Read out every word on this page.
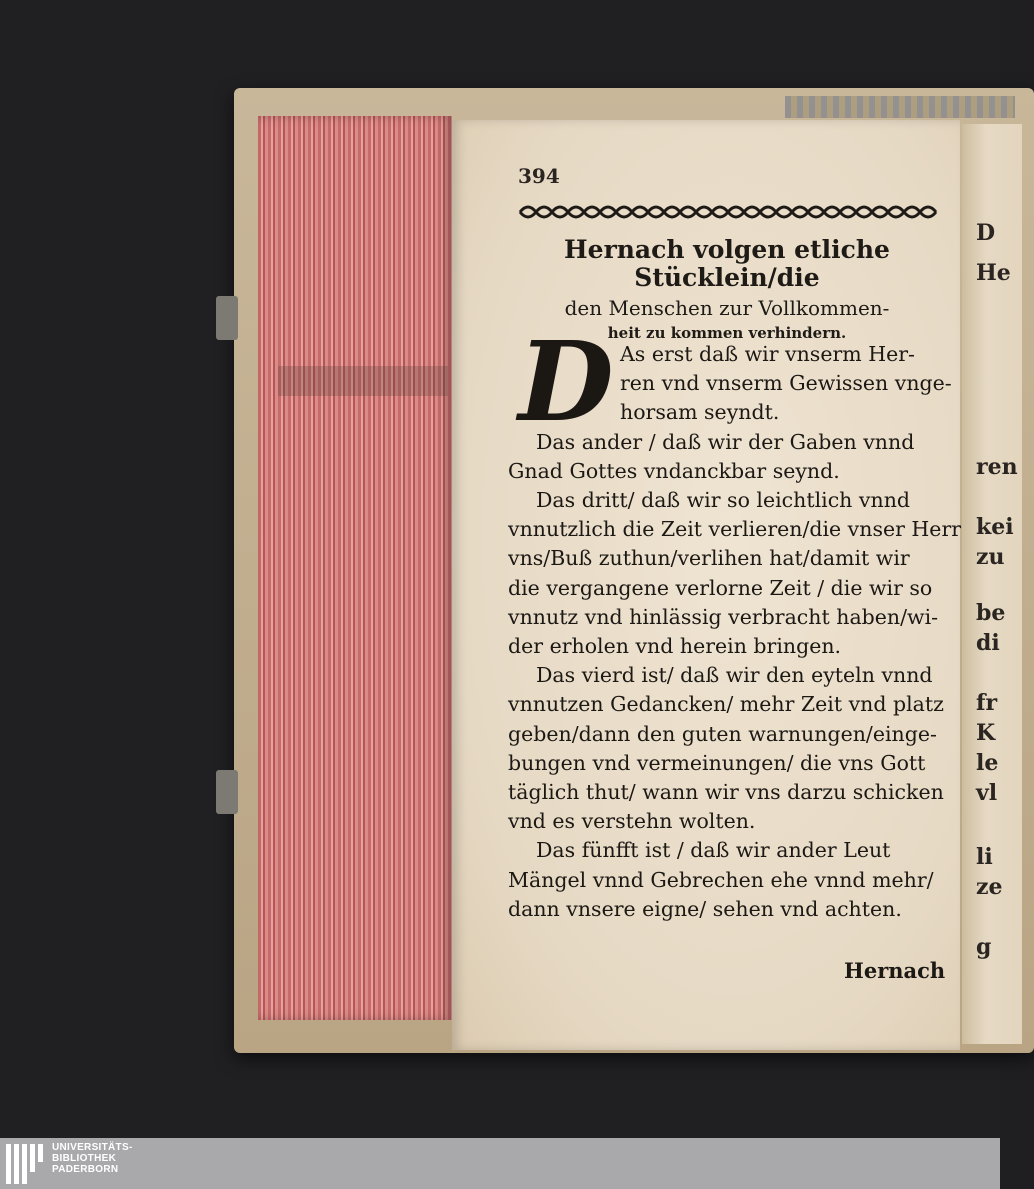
394
Hernach volgen etliche Stücklein/die
den Menschen zur Vollkommen-
heit zu kommen verhindern.
D As erst daß wir vnserm Her-
ren vnd vnserm Gewissen vnge-
horsam seyndt.
Das ander / daß wir der Gaben vnnd
Gnad Gottes vndanckbar seynd.
Das dritt/ daß wir so leichtlich vnnd
vnnutzlich die Zeit verlieren/die vnser Herr
vns/Buß zuthun/verlihen hat/damit wir
die vergangene verlorne Zeit / die wir so
vnnutz vnd hinlässig verbracht haben/wi-
der erholen vnd herein bringen.
Das vierd ist/ daß wir den eyteln vnnd
vnnutzen Gedancken/ mehr Zeit vnd platz
geben/dann den guten warnungen/einge-
bungen vnd vermeinungen/ die vns Gott
täglich thut/ wann wir vns darzu schicken
vnd es verstehn wolten.
Das fünfft ist / daß wir ander Leut
Mängel vnnd Gebrechen ehe vnnd mehr/
dann vnsere eigne/ sehen vnd achten.
Hernach
D
He
ren
kei
zu
be
di
fr
K
le
vl
li
ze
g
UNIVERSITÄTS-
BIBLIOTHEK
PADERBORN
